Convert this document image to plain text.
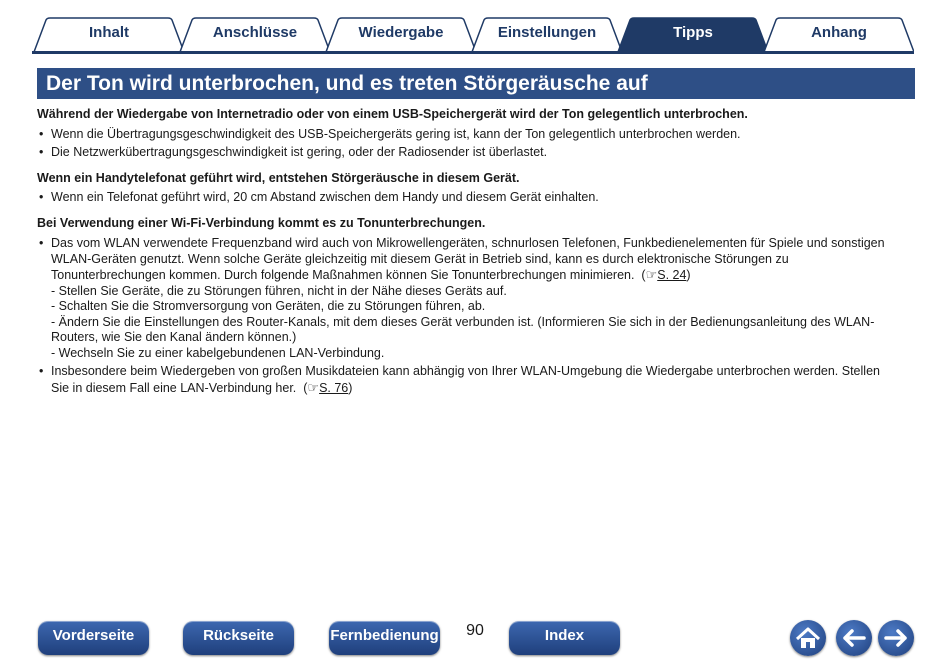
Inhalt	Anschlüsse	Wiedergabe	Einstellungen	Tipps	Anhang
Der Ton wird unterbrochen, und es treten Störgeräusche auf

Während der Wiedergabe von Internetradio oder von einem USB-Speichergerät wird der Ton gelegentlich unterbrochen.

• Wenn die Übertragungsgeschwindigkeit des USB-Speichergeräts gering ist, kann der Ton gelegentlich unterbrochen werden.

• Die Netzwerkübertragungsgeschwindigkeit ist gering, oder der Radiosender ist überlastet.

Wenn ein Handytelefonat geführt wird, entstehen Störgeräusche in diesem Gerät.

• Wenn ein Telefonat geführt wird, 20 cm Abstand zwischen dem Handy und diesem Gerät einhalten.

Bei Verwendung einer Wi-Fi-Verbindung kommt es zu Tonunterbrechungen.

• Das vom WLAN verwendete Frequenzband wird auch von Mikrowellengeräten, schnurlosen Telefonen, Funkbedienelementen für Spiele und sonstigen
WLAN-Geräten genutzt. Wenn solche Geräte gleichzeitig mit diesem Gerät in Betrieb sind, kann es durch elektronische Störungen zu
Tonunterbrechungen kommen. Durch folgende Maßnahmen können Sie Tonunterbrechungen minimieren.  (☞S. 24)
- Stellen Sie Geräte, die zu Störungen führen, nicht in der Nähe dieses Geräts auf.
- Schalten Sie die Stromversorgung von Geräten, die zu Störungen führen, ab.
- Ändern Sie die Einstellungen des Router-Kanals, mit dem dieses Gerät verbunden ist. (Informieren Sie sich in der Bedienungsanleitung des WLAN-
Routers, wie Sie den Kanal ändern können.)
- Wechseln Sie zu einer kabelgebundenen LAN-Verbindung.
• Insbesondere beim Wiedergeben von großen Musikdateien kann abhängig von Ihrer WLAN-Umgebung die Wiedergabe unterbrochen werden. Stellen
Sie in diesem Fall eine LAN-Verbindung her.  (☞S. 76)
Vorderseite	Rückseite	Fernbedienung	90	Index
